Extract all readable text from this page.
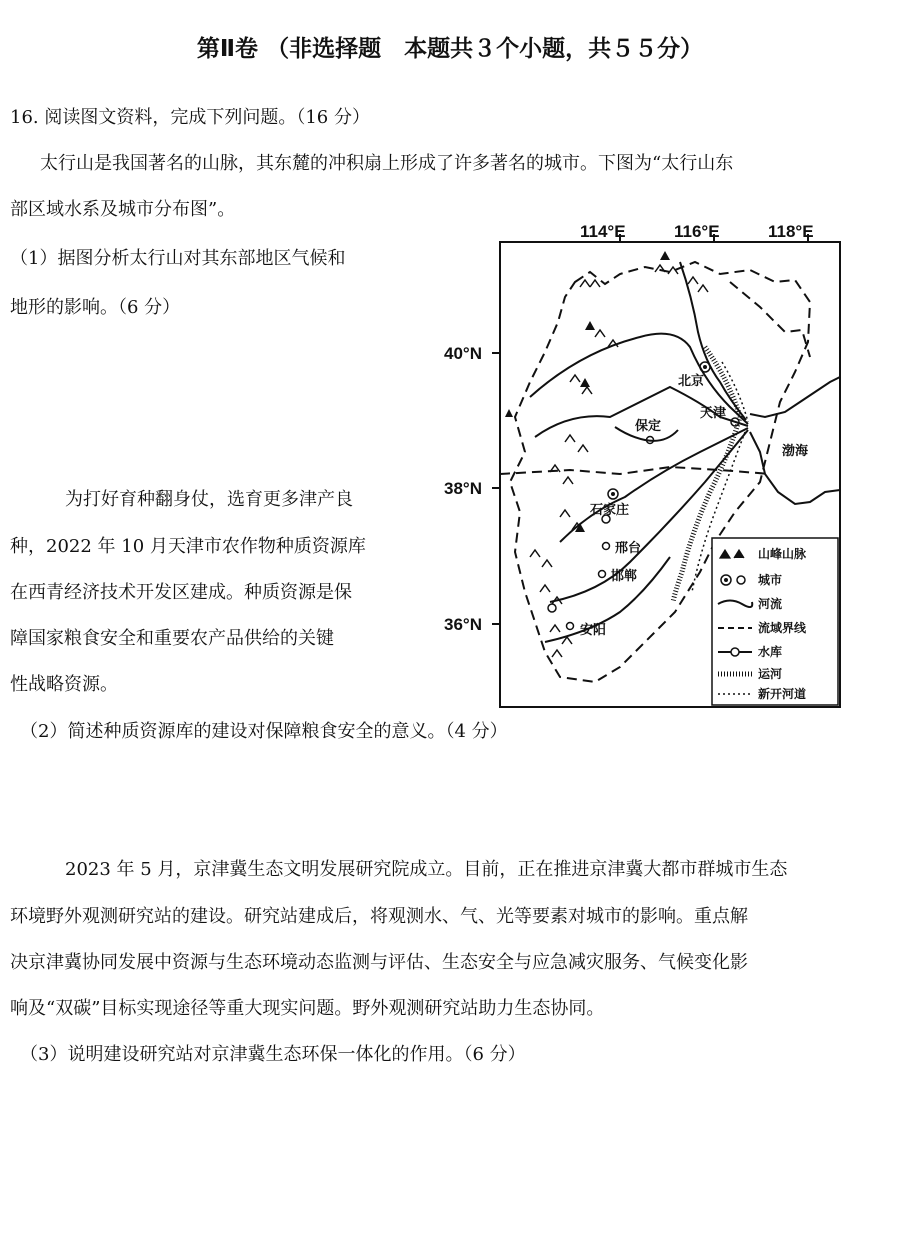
第Ⅱ卷 （非选择题　本题共３个小题，共５５分）
16. 阅读图文资料，完成下列问题。（16 分）
太行山是我国著名的山脉，其东麓的冲积扇上形成了许多著名的城市。下图为“太行山东
部区域水系及城市分布图”。
（1）据图分析太行山对其东部地区气候和
地形的影响。（6 分）
为打好育种翻身仗，选育更多津产良
种，2022 年 10 月天津市农作物种质资源库
在西青经济技术开发区建成。种质资源是保
障国家粮食安全和重要农产品供给的关键
性战略资源。
（2）简述种质资源库的建设对保障粮食安全的意义。（4 分）
2023 年 5 月，京津冀生态文明发展研究院成立。目前，正在推进京津冀大都市群城市生态
环境野外观测研究站的建设。研究站建成后，将观测水、气、光等要素对城市的影响。重点解
决京津冀协同发展中资源与生态环境动态监测与评估、生态安全与应急减灾服务、气候变化影
响及“双碳”目标实现途径等重大现实问题。野外观测研究站助力生态协同。
（3）说明建设研究站对京津冀生态环保一体化的作用。（6 分）
114°E	116°E	118°E
40°N
38°N
36°N
北京
天津
保定
石家庄
邢台
邯郸
安阳
渤海
山峰山脉
城市
河流
流域界线
水库
运河
新开河道
